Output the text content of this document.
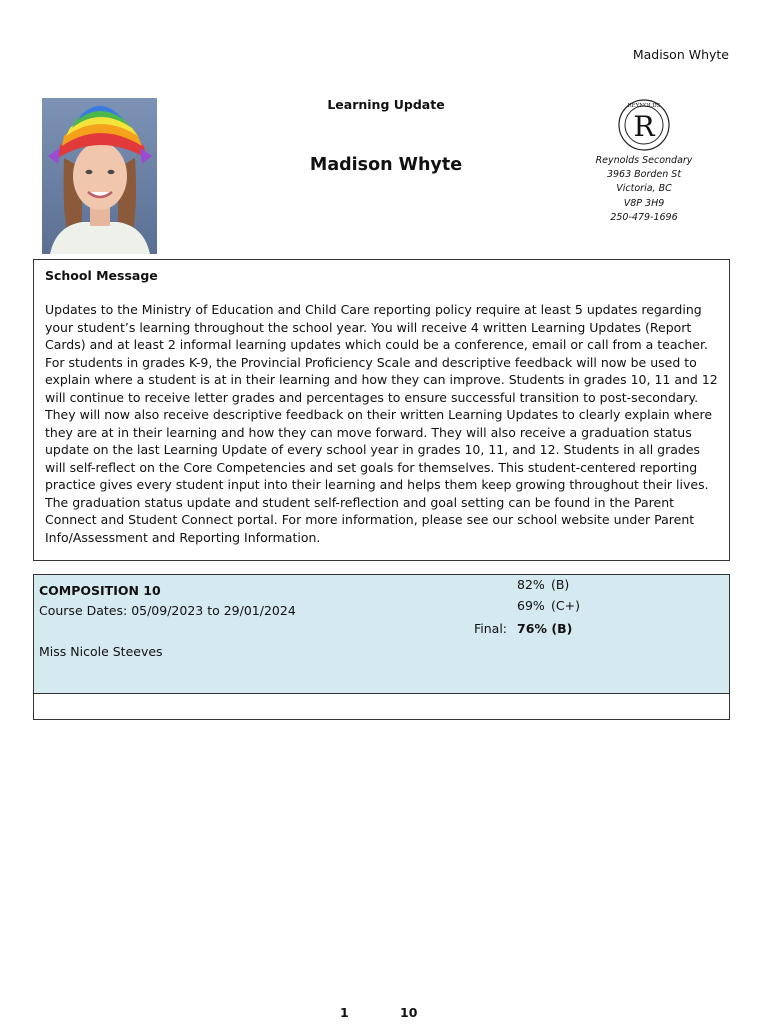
Madison Whyte
Learning Update
Madison Whyte
R
REYNOLDS
Reynolds Secondary
3963 Borden St
Victoria, BC
V8P 3H9
250-479-1696
School Message
Updates to the Ministry of Education and Child Care reporting policy require at least 5 updates regarding your student’s learning throughout the school year. You will receive 4 written Learning Updates (Report Cards) and at least 2 informal learning updates which could be a conference, email or call from a teacher. For students in grades K-9, the Provincial Proficiency Scale and descriptive feedback will now be used to explain where a student is at in their learning and how they can improve. Students in grades 10, 11 and 12 will continue to receive letter grades and percentages to ensure successful transition to post-secondary. They will now also receive descriptive feedback on their written Learning Updates to clearly explain where they are at in their learning and how they can move forward. They will also receive a graduation status update on the last Learning Update of every school year in grades 10, 11, and 12. Students in all grades will self-reflect on the Core Competencies and set goals for themselves. This student-centered reporting practice gives every student input into their learning and helps them keep growing throughout their lives. The graduation status update and student self-reflection and goal setting can be found in the Parent Connect and Student Connect portal. For more information, please see our school website under Parent Info/Assessment and Reporting Information.
COMPOSITION 10
Course Dates: 05/09/2023 to 29/01/2024
Miss Nicole Steeves
82% (B)
69% (C+)
Final: 76% (B)
1	10
